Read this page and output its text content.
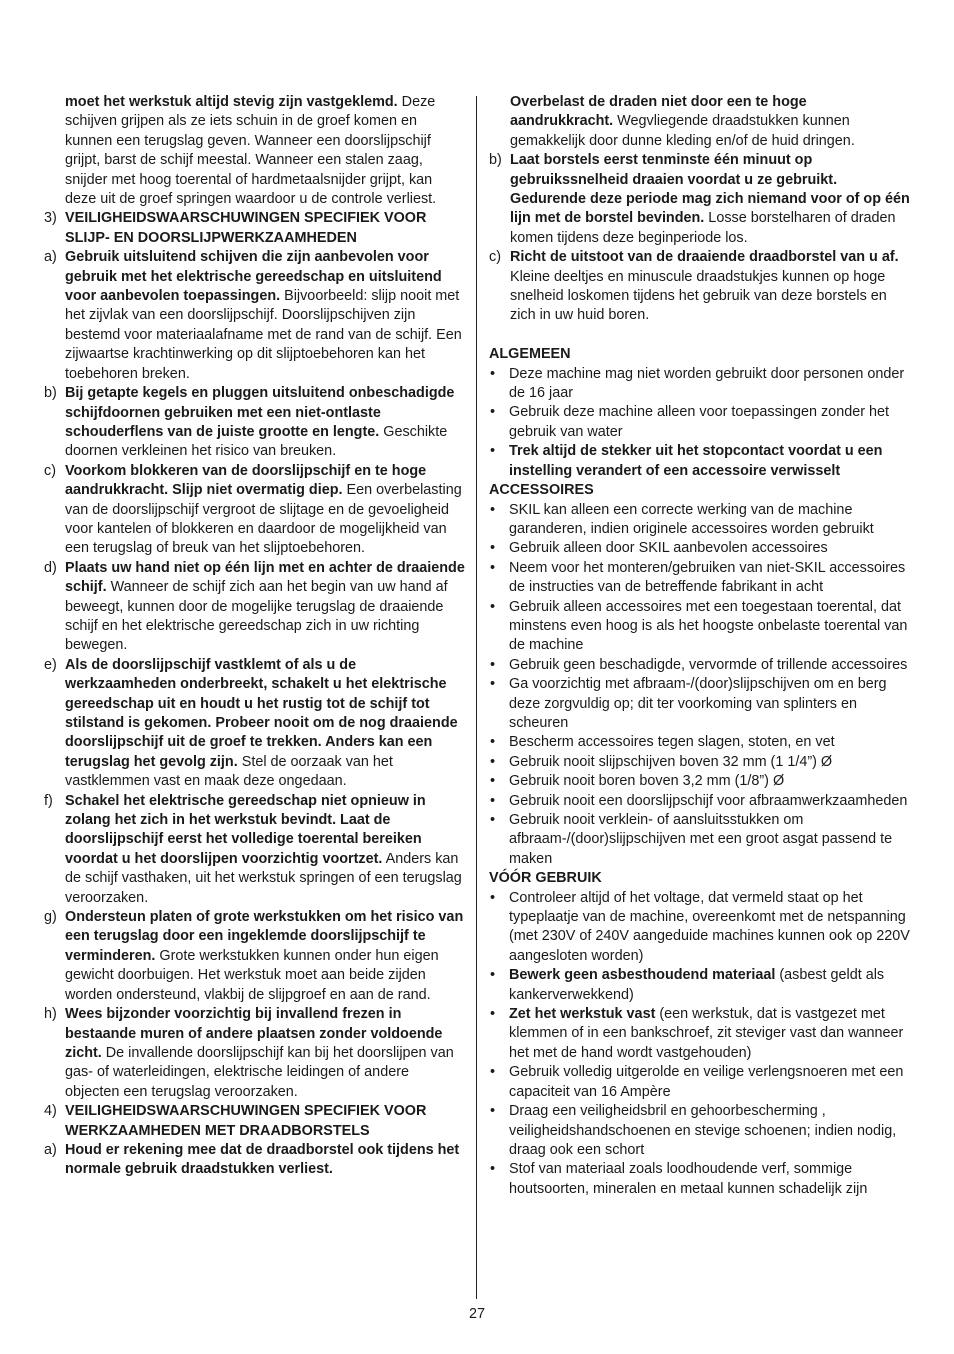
moet het werkstuk altijd stevig zijn vastgeklemd. Deze schijven grijpen als ze iets schuin in de groef komen en kunnen een terugslag geven. Wanneer een doorslijpschijf grijpt, barst de schijf meestal. Wanneer een stalen zaag, snijder met hoog toerental of hardmetaalsnijder grijpt, kan deze uit de groef springen waardoor u de controle verliest.
3) VEILIGHEIDSWAARSCHUWINGEN SPECIFIEK VOOR SLIJP- EN DOORSLIJPWERKZAAMHEDEN
a) Gebruik uitsluitend schijven die zijn aanbevolen voor gebruik met het elektrische gereedschap en uitsluitend voor aanbevolen toepassingen. Bijvoorbeeld: slijp nooit met het zijvlak van een doorslijpschijf. Doorslijpschijven zijn bestemd voor materiaalafname met de rand van de schijf. Een zijwaartse krachtinwerking op dit slijptoebehoren kan het toebehoren breken.
b) Bij getapte kegels en pluggen uitsluitend onbeschadigde schijfdoornen gebruiken met een niet-ontlaste schouderflens van de juiste grootte en lengte. Geschikte doornen verkleinen het risico van breuken.
c) Voorkom blokkeren van de doorslijpschijf en te hoge aandrukkracht. Slijp niet overmatig diep. Een overbelasting van de doorslijpschijf vergroot de slijtage en de gevoeligheid voor kantelen of blokkeren en daardoor de mogelijkheid van een terugslag of breuk van het slijptoebehoren.
d) Plaats uw hand niet op één lijn met en achter de draaiende schijf. Wanneer de schijf zich aan het begin van uw hand af beweegt, kunnen door de mogelijke terugslag de draaiende schijf en het elektrische gereedschap zich in uw richting bewegen.
e) Als de doorslijpschijf vastklemt of als u de werkzaamheden onderbreekt, schakelt u het elektrische gereedschap uit en houdt u het rustig tot de schijf tot stilstand is gekomen. Probeer nooit om de nog draaiende doorslijpschijf uit de groef te trekken. Anders kan een terugslag het gevolg zijn. Stel de oorzaak van het vastklemmen vast en maak deze ongedaan.
f) Schakel het elektrische gereedschap niet opnieuw in zolang het zich in het werkstuk bevindt. Laat de doorslijpschijf eerst het volledige toerental bereiken voordat u het doorslijpen voorzichtig voortzet. Anders kan de schijf vasthaken, uit het werkstuk springen of een terugslag veroorzaken.
g) Ondersteun platen of grote werkstukken om het risico van een terugslag door een ingeklemde doorslijpschijf te verminderen. Grote werkstukken kunnen onder hun eigen gewicht doorbuigen. Het werkstuk moet aan beide zijden worden ondersteund, vlakbij de slijpgroef en aan de rand.
h) Wees bijzonder voorzichtig bij invallend frezen in bestaande muren of andere plaatsen zonder voldoende zicht. De invallende doorslijpschijf kan bij het doorslijpen van gas- of waterleidingen, elektrische leidingen of andere objecten een terugslag veroorzaken.
4) VEILIGHEIDSWAARSCHUWINGEN SPECIFIEK VOOR WERKZAAMHEDEN MET DRAADBORSTELS
a) Houd er rekening mee dat de draadborstel ook tijdens het normale gebruik draadstukken verliest.
Overbelast de draden niet door een te hoge aandrukkracht. Wegvliegende draadstukken kunnen gemakkelijk door dunne kleding en/of de huid dringen.
b) Laat borstels eerst tenminste één minuut op gebruikssnelheid draaien voordat u ze gebruikt. Gedurende deze periode mag zich niemand voor of op één lijn met de borstel bevinden. Losse borstelharen of draden komen tijdens deze beginperiode los.
c) Richt de uitstoot van de draaiende draadborstel van u af. Kleine deeltjes en minuscule draadstukjes kunnen op hoge snelheid loskomen tijdens het gebruik van deze borstels en zich in uw huid boren.
ALGEMEEN
• Deze machine mag niet worden gebruikt door personen onder de 16 jaar
• Gebruik deze machine alleen voor toepassingen zonder het gebruik van water
• Trek altijd de stekker uit het stopcontact voordat u een instelling verandert of een accessoire verwisselt
ACCESSOIRES
• SKIL kan alleen een correcte werking van de machine garanderen, indien originele accessoires worden gebruikt
• Gebruik alleen door SKIL aanbevolen accessoires
• Neem voor het monteren/gebruiken van niet-SKIL accessoires de instructies van de betreffende fabrikant in acht
• Gebruik alleen accessoires met een toegestaan toerental, dat minstens even hoog is als het hoogste onbelaste toerental van de machine
• Gebruik geen beschadigde, vervormde of trillende accessoires
• Ga voorzichtig met afbraam-/(door)slijpschijven om en berg deze zorgvuldig op; dit ter voorkoming van splinters en scheuren
• Bescherm accessoires tegen slagen, stoten, en vet
• Gebruik nooit slijpschijven boven 32 mm (1 1/4”) Ø
• Gebruik nooit boren boven 3,2 mm (1/8”) Ø
• Gebruik nooit een doorslijpschijf voor afbraamwerkzaamheden
• Gebruik nooit verklein- of aansluitsstukken om afbraam-/(door)slijpschijven met een groot asgat passend te maken
VÓÓR GEBRUIK
• Controleer altijd of het voltage, dat vermeld staat op het typeplaatje van de machine, overeenkomt met de netspanning (met 230V of 240V aangeduide machines kunnen ook op 220V aangesloten worden)
• Bewerk geen asbesthoudend materiaal (asbest geldt als kankerverwekkend)
• Zet het werkstuk vast (een werkstuk, dat is vastgezet met klemmen of in een bankschroef, zit steviger vast dan wanneer het met de hand wordt vastgehouden)
• Gebruik volledig uitgerolde en veilige verlengsnoeren met een capaciteit van 16 Ampère
• Draag een veiligheidsbril en gehoorbescherming , veiligheidshandschoenen en stevige schoenen; indien nodig, draag ook een schort
• Stof van materiaal zoals loodhoudende verf, sommige houtsoorten, mineralen en metaal kunnen schadelijk zijn
27
